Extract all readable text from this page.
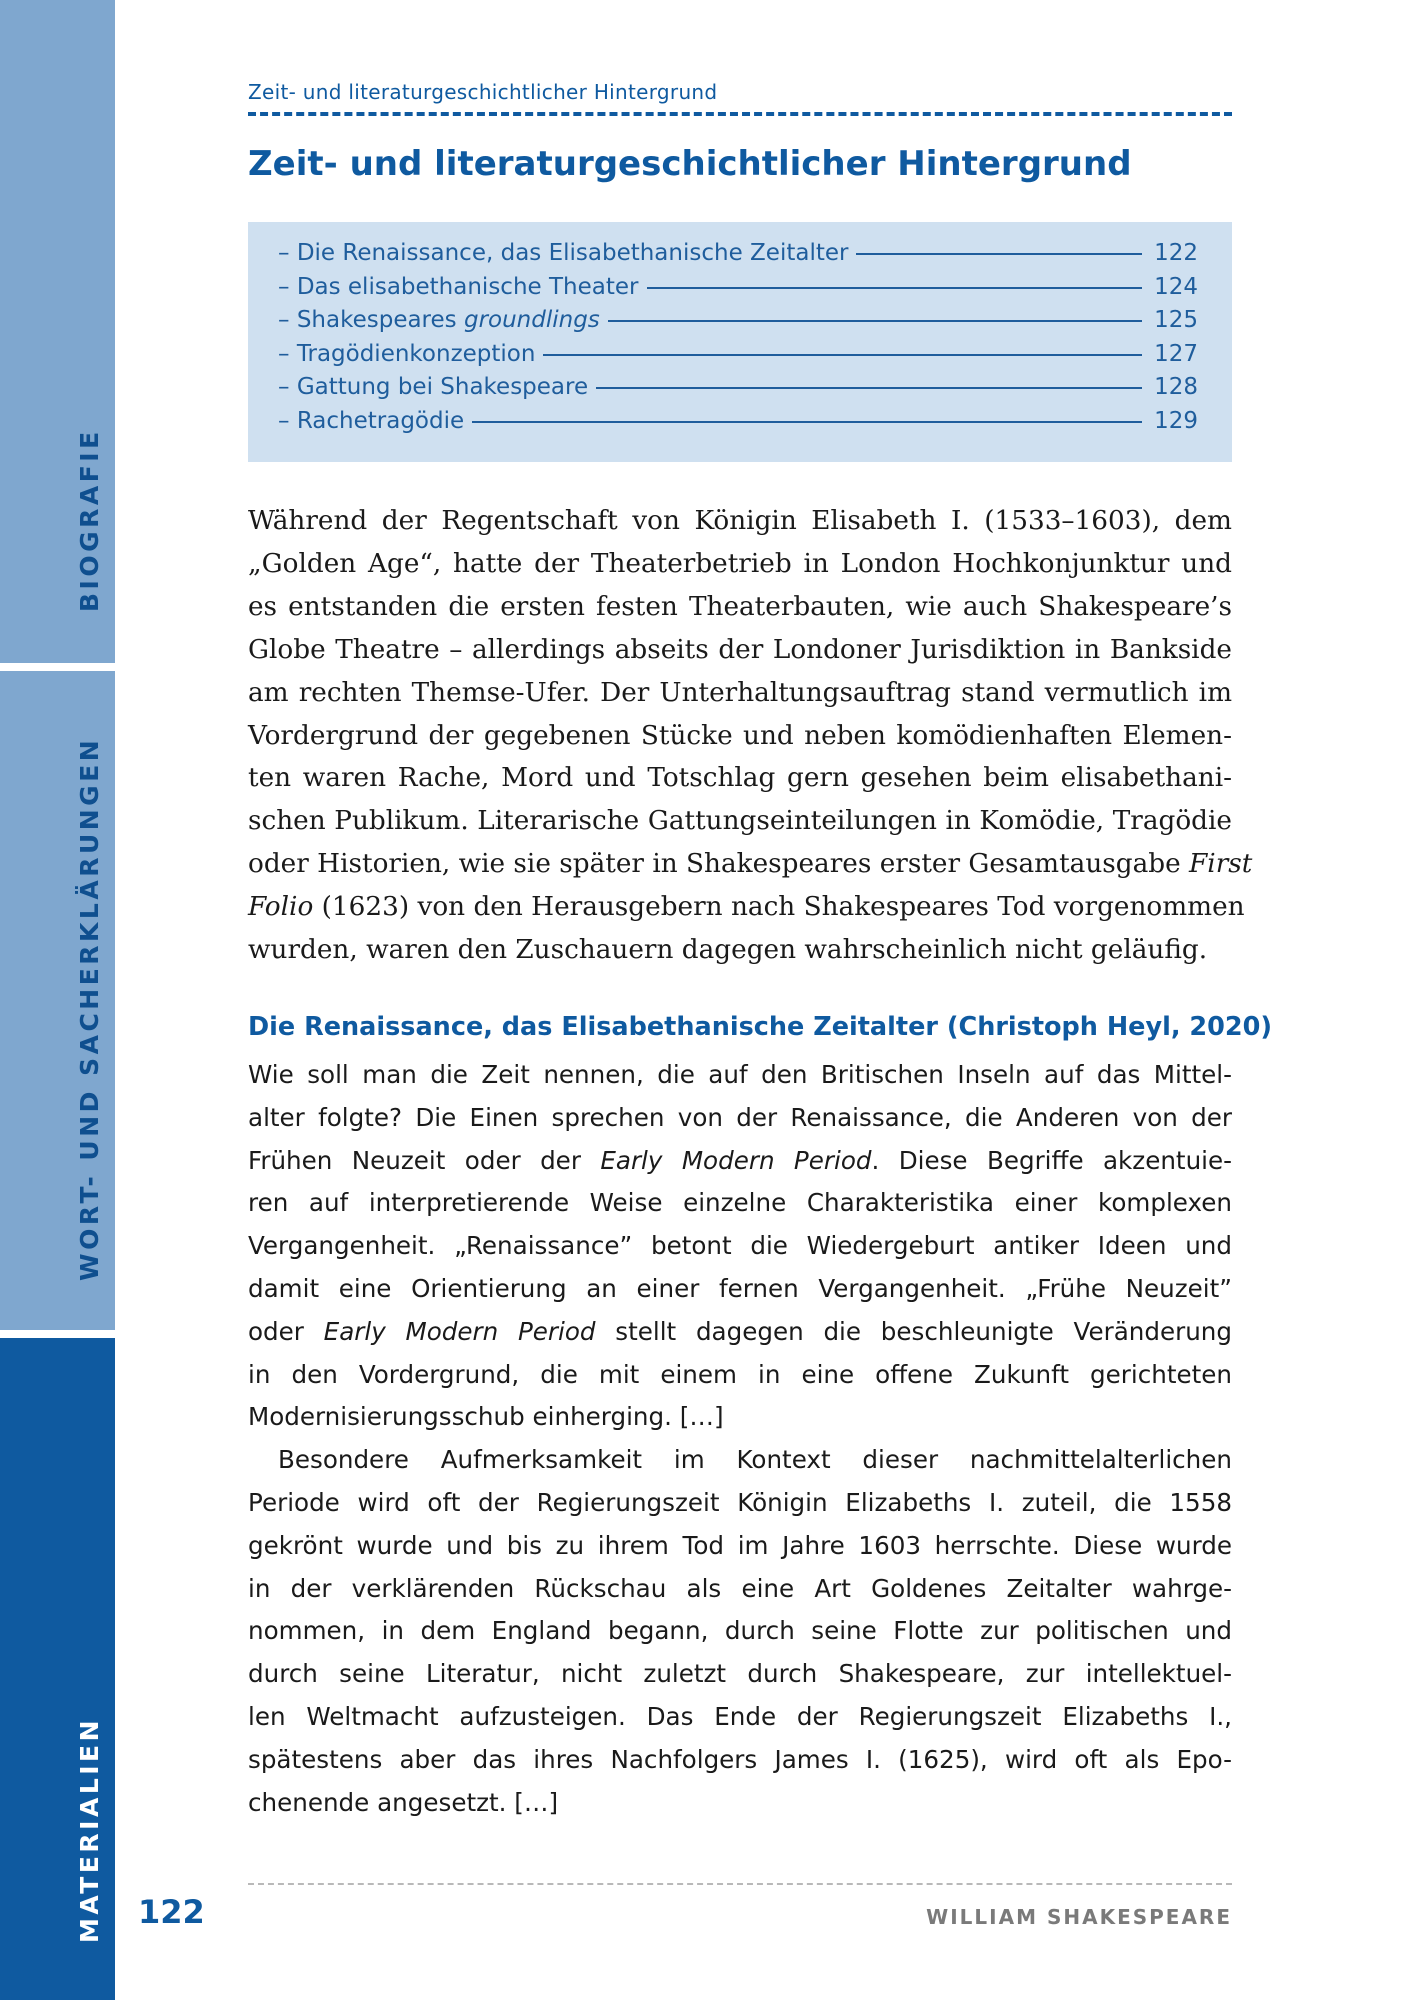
BIOGRAFIE
WORT- UND SACHERKLÄRUNGEN
MATERIALIEN
Zeit- und literaturgeschichtlicher Hintergrund
Zeit- und literaturgeschichtlicher Hintergrund
– Die Renaissance, das Elisabethanische Zeitalter	122
– Das elisabethanische Theater	124
– Shakespeares groundlings	125
– Tragödienkonzeption	127
– Gattung bei Shakespeare	128
– Rachetragödie	129
Während der Regentschaft von Königin Elisabeth I. (1533–1603), dem
„Golden Age“, hatte der Theaterbetrieb in London Hochkonjunktur und
es entstanden die ersten festen Theaterbauten, wie auch Shakespeare’s
Globe Theatre – allerdings abseits der Londoner Jurisdiktion in Bankside
am rechten Themse-Ufer. Der Unterhaltungsauftrag stand vermutlich im
Vordergrund der gegebenen Stücke und neben komödienhaften Elemen-
ten waren Rache, Mord und Totschlag gern gesehen beim elisabethani-
schen Publikum. Literarische Gattungseinteilungen in Komödie, Tragödie
oder Historien, wie sie später in Shakespeares erster Gesamtausgabe First
Folio (1623) von den Herausgebern nach Shakespeares Tod vorgenommen
wurden, waren den Zuschauern dagegen wahrscheinlich nicht geläufig.
Die Renaissance, das Elisabethanische Zeitalter (Christoph Heyl, 2020)
Wie soll man die Zeit nennen, die auf den Britischen Inseln auf das Mittel-
alter folgte? Die Einen sprechen von der Renaissance, die Anderen von der
Frühen Neuzeit oder der Early Modern Period. Diese Begriffe akzentuie-
ren auf interpretierende Weise einzelne Charakteristika einer komplexen
Vergangenheit. „Renaissance” betont die Wiedergeburt antiker Ideen und
damit eine Orientierung an einer fernen Vergangenheit. „Frühe Neuzeit”
oder Early Modern Period stellt dagegen die beschleunigte Veränderung
in den Vordergrund, die mit einem in eine offene Zukunft gerichteten
Modernisierungsschub einherging. […]
Besondere Aufmerksamkeit im Kontext dieser nachmittelalterlichen
Periode wird oft der Regierungszeit Königin Elizabeths I. zuteil, die 1558
gekrönt wurde und bis zu ihrem Tod im Jahre 1603 herrschte. Diese wurde
in der verklärenden Rückschau als eine Art Goldenes Zeitalter wahrge-
nommen, in dem England begann, durch seine Flotte zur politischen und
durch seine Literatur, nicht zuletzt durch Shakespeare, zur intellektuel-
len Weltmacht aufzusteigen. Das Ende der Regierungszeit Elizabeths I.,
spätestens aber das ihres Nachfolgers James I. (1625), wird oft als Epo-
chenende angesetzt. […]
122	WILLIAM SHAKESPEARE
